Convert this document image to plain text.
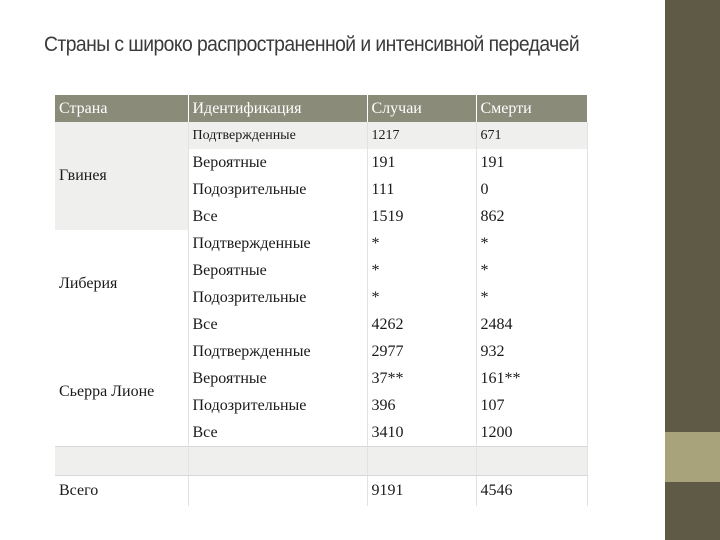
Страны с широко распространенной и интенсивной передачей
Страна	Идентификация	Случаи	Смерти
Гвинея	Подтвержденные	1217	671
	Вероятные	191	191
	Подозрительные	111	0
	Все	1519	862
Либерия	Подтвержденные	*	*
	Вероятные	*	*
	Подозрительные	*	*
	Все	4262	2484
Сьерра Лионе	Подтвержденные	2977	932
	Вероятные	37**	161**
	Подозрительные	396	107
	Все	3410	1200

Всего		9191	4546
